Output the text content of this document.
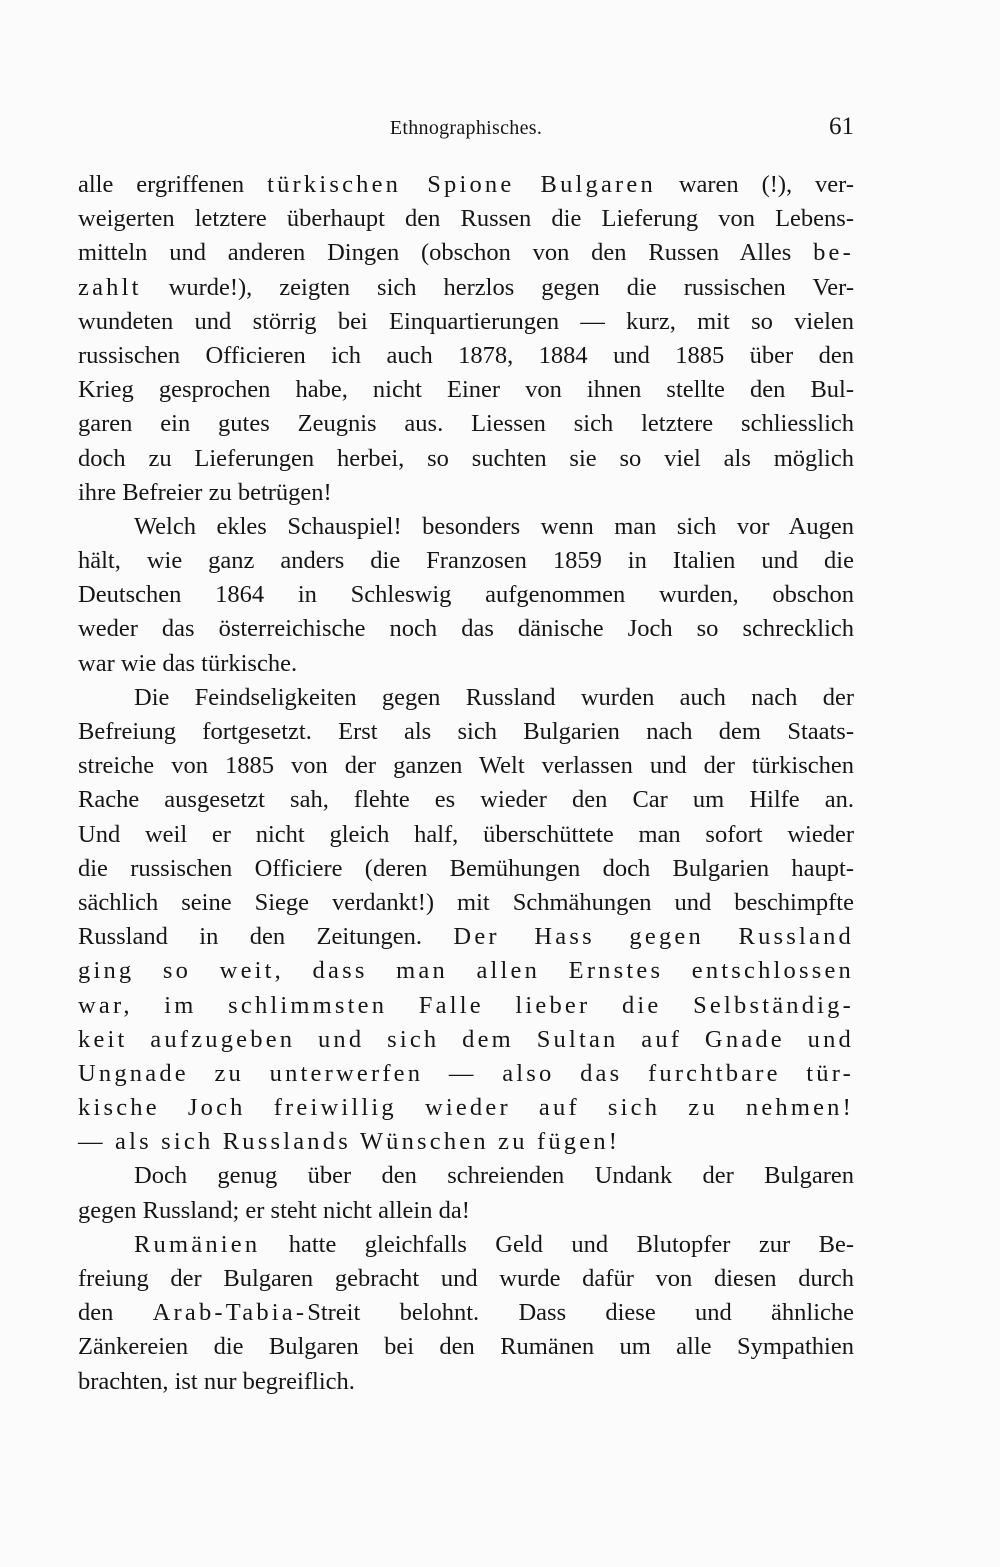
Ethnographisches.	61
alle ergriffenen türkischen Spione Bulgaren waren (!), ver-
weigerten letztere überhaupt den Russen die Lieferung von Lebens-
mitteln und anderen Dingen (obschon von den Russen Alles be-
zahlt wurde!), zeigten sich herzlos gegen die russischen Ver-
wundeten und störrig bei Einquartierungen — kurz, mit so vielen
russischen Officieren ich auch 1878, 1884 und 1885 über den
Krieg gesprochen habe, nicht Einer von ihnen stellte den Bul-
garen ein gutes Zeugnis aus. Liessen sich letztere schliesslich
doch zu Lieferungen herbei, so suchten sie so viel als möglich
ihre Befreier zu betrügen!
Welch ekles Schauspiel! besonders wenn man sich vor Augen
hält, wie ganz anders die Franzosen 1859 in Italien und die
Deutschen 1864 in Schleswig aufgenommen wurden, obschon
weder das österreichische noch das dänische Joch so schrecklich
war wie das türkische.
Die Feindseligkeiten gegen Russland wurden auch nach der
Befreiung fortgesetzt. Erst als sich Bulgarien nach dem Staats-
streiche von 1885 von der ganzen Welt verlassen und der türkischen
Rache ausgesetzt sah, flehte es wieder den Car um Hilfe an.
Und weil er nicht gleich half, überschüttete man sofort wieder
die russischen Officiere (deren Bemühungen doch Bulgarien haupt-
sächlich seine Siege verdankt!) mit Schmähungen und beschimpfte
Russland in den Zeitungen. Der Hass gegen Russland
ging so weit, dass man allen Ernstes entschlossen
war, im schlimmsten Falle lieber die Selbständig-
keit aufzugeben und sich dem Sultan auf Gnade und
Ungnade zu unterwerfen — also das furchtbare tür-
kische Joch freiwillig wieder auf sich zu nehmen!
— als sich Russlands Wünschen zu fügen!
Doch genug über den schreienden Undank der Bulgaren
gegen Russland; er steht nicht allein da!
Rumänien hatte gleichfalls Geld und Blutopfer zur Be-
freiung der Bulgaren gebracht und wurde dafür von diesen durch
den Arab-Tabia-Streit belohnt. Dass diese und ähnliche
Zänkereien die Bulgaren bei den Rumänen um alle Sympathien
brachten, ist nur begreiflich.
